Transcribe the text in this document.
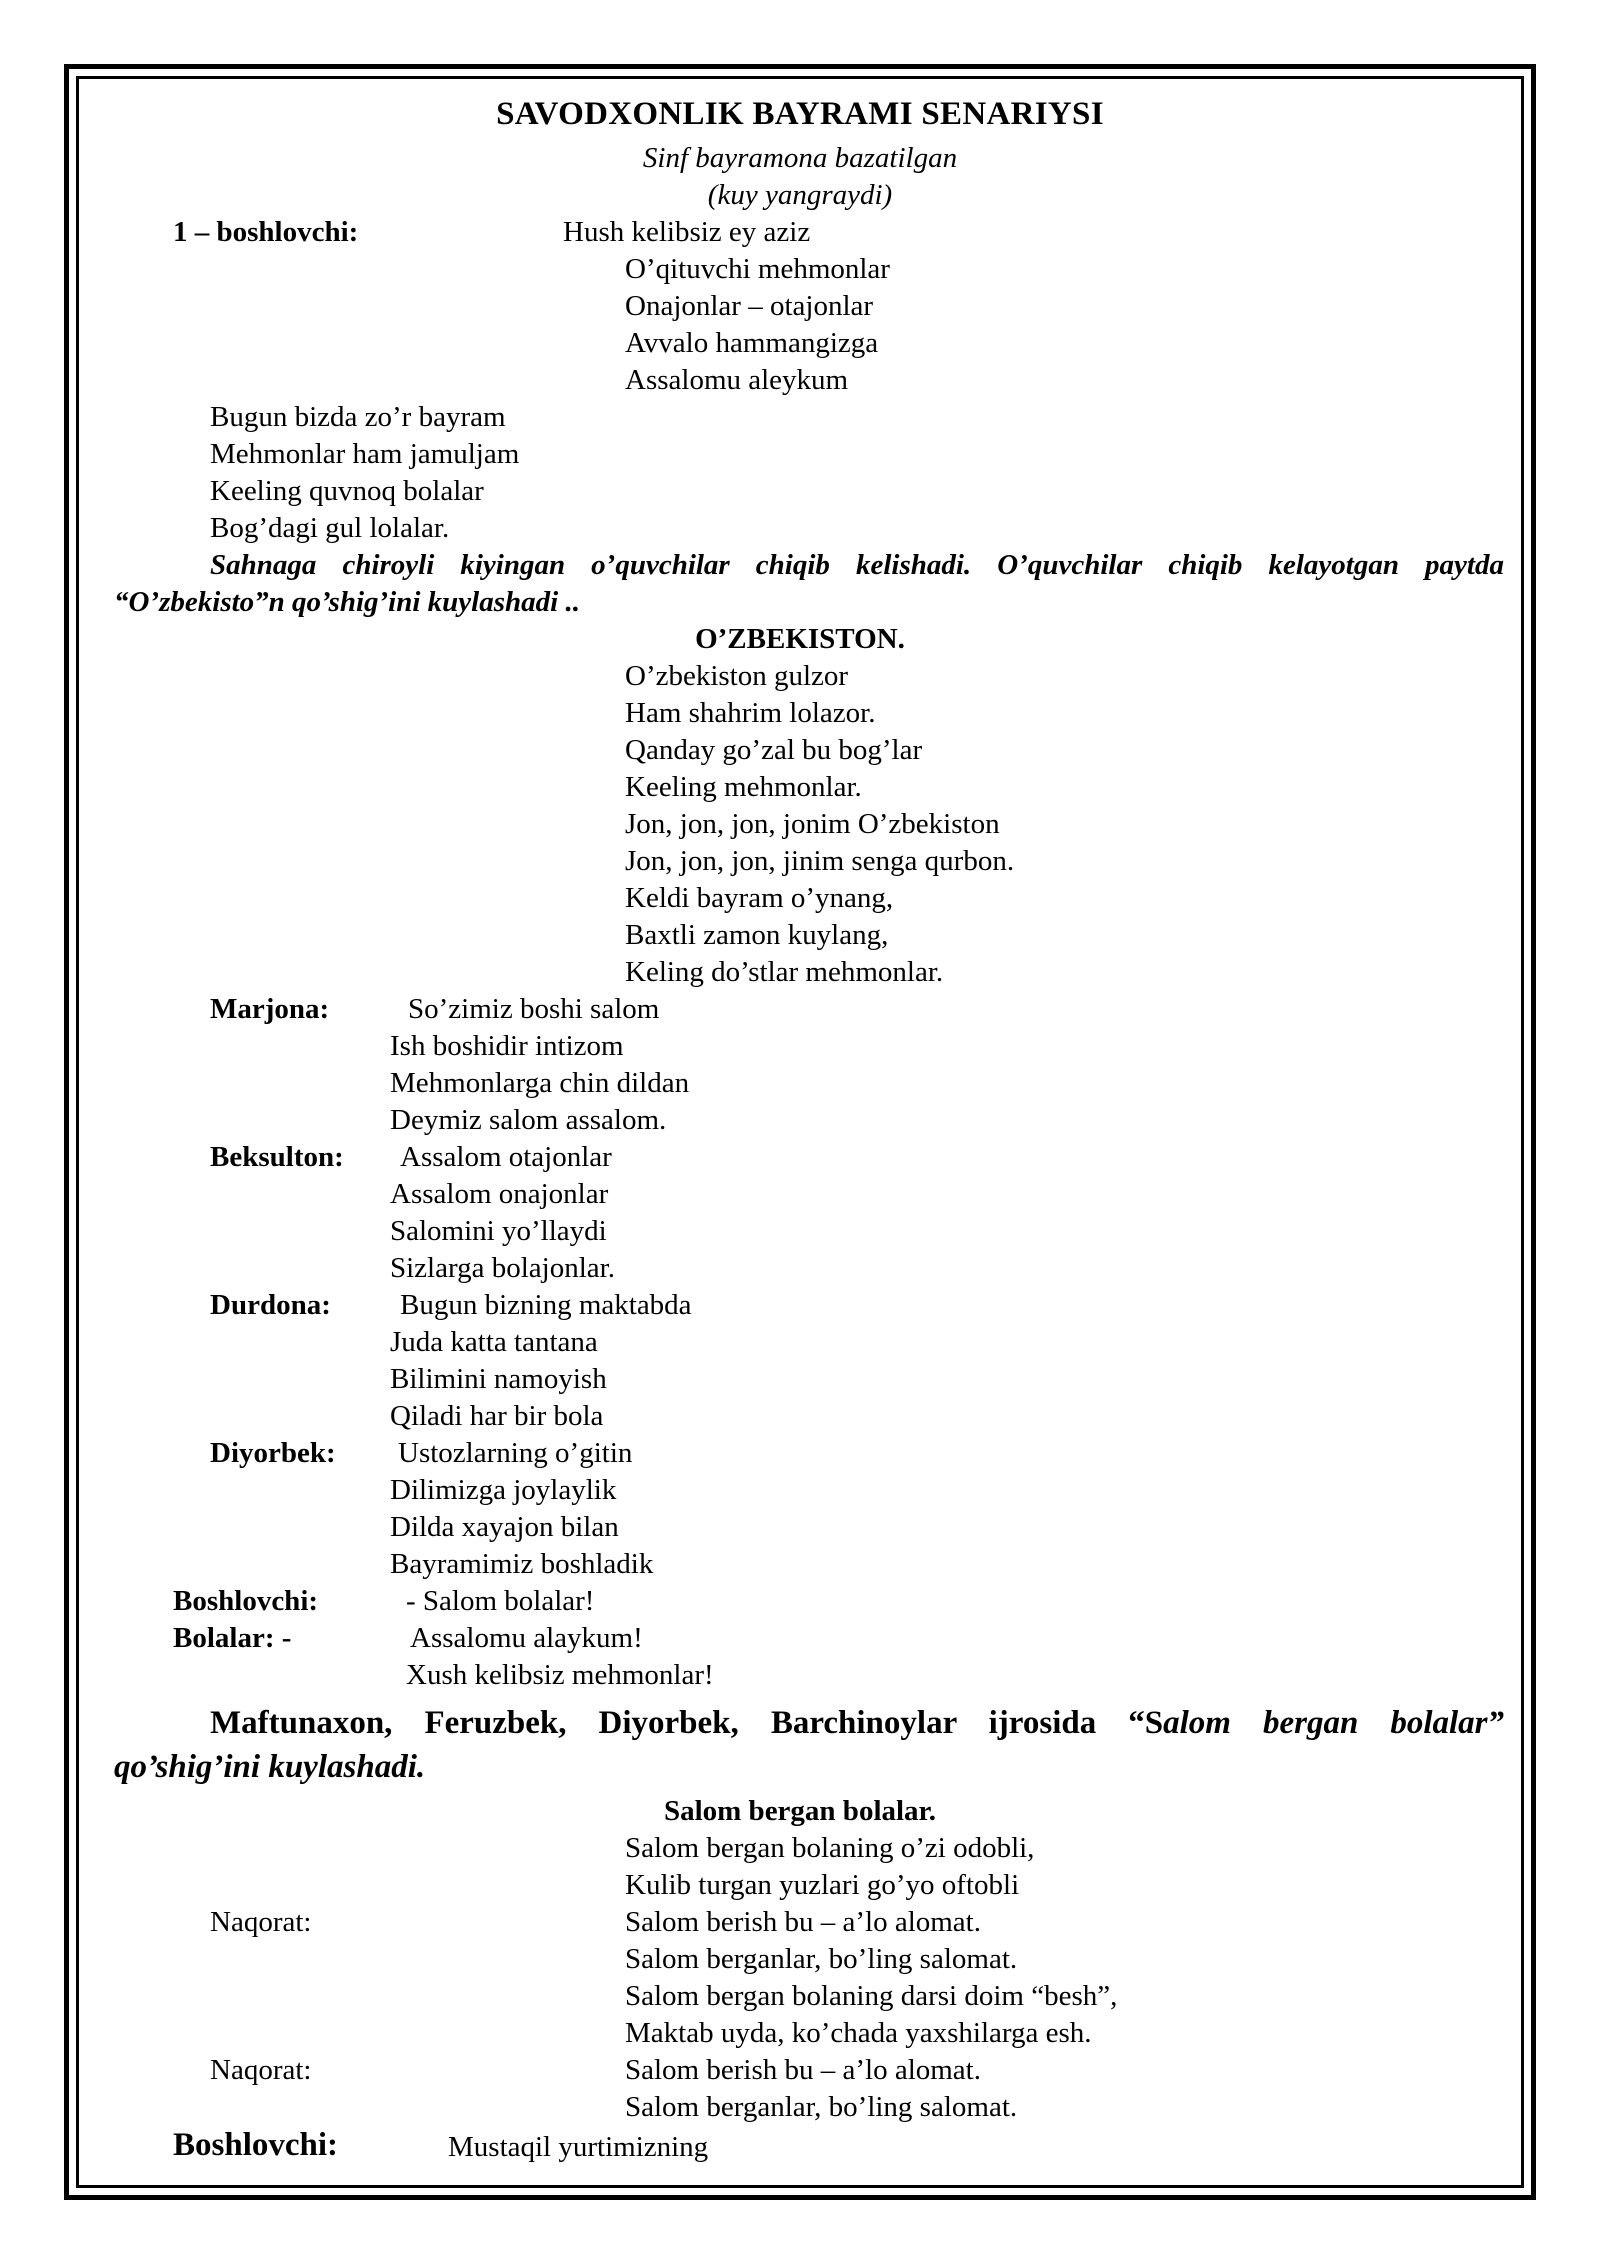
SAVODXONLIK BAYRAMI SENARIYSI
Sinf bayramona bazatilgan
(kuy yangraydi)
1 – boshlovchi:	Hush kelibsiz ey aziz
O’qituvchi mehmonlar
Onajonlar – otajonlar
Avvalo hammangizga
Assalomu aleykum
Bugun bizda zo’r bayram
Mehmonlar ham jamuljam
Keeling quvnoq bolalar
Bog’dagi gul lolalar.
Sahnaga chiroyli kiyingan o’quvchilar chiqib kelishadi. O’quvchilar chiqib kelayotgan paytda
“O’zbekisto”n qo’shig’ini kuylashadi ..
O’ZBEKISTON.
O’zbekiston gulzor
Ham shahrim lolazor.
Qanday go’zal bu bog’lar
Keeling mehmonlar.
Jon, jon, jon, jonim O’zbekiston
Jon, jon, jon, jinim senga qurbon.
Keldi bayram o’ynang,
Baxtli zamon kuylang,
Keling do’stlar mehmonlar.
Marjona:	So’zimiz boshi salom
Ish boshidir intizom
Mehmonlarga chin dildan
Deymiz salom assalom.
Beksulton: Assalom otajonlar
Assalom onajonlar
Salomini yo’llaydi
Sizlarga bolajonlar.
Durdona: Bugun bizning maktabda
Juda katta tantana
Bilimini namoyish
Qiladi har bir bola
Diyorbek: Ustozlarning o’gitin
Dilimizga joylaylik
Dilda xayajon bilan
Bayramimiz boshladik
Boshlovchi:	- Salom bolalar!
Bolalar: -	Assalomu alaykum!
Xush kelibsiz mehmonlar!
Maftunaxon, Feruzbek, Diyorbek, Barchinoylar ijrosida “Salom bergan bolalar”
qo’shig’ini kuylashadi.
Salom bergan bolalar.
Salom bergan bolaning o’zi odobli,
Kulib turgan yuzlari go’yo oftobli
Naqorat:	Salom berish bu – a’lo alomat.
Salom berganlar, bo’ling salomat.
Salom bergan bolaning darsi doim “besh”,
Maktab uyda, ko’chada yaxshilarga esh.
Naqorat:	Salom berish bu – a’lo alomat.
Salom berganlar, bo’ling salomat.
Boshlovchi:	Mustaqil yurtimizning
